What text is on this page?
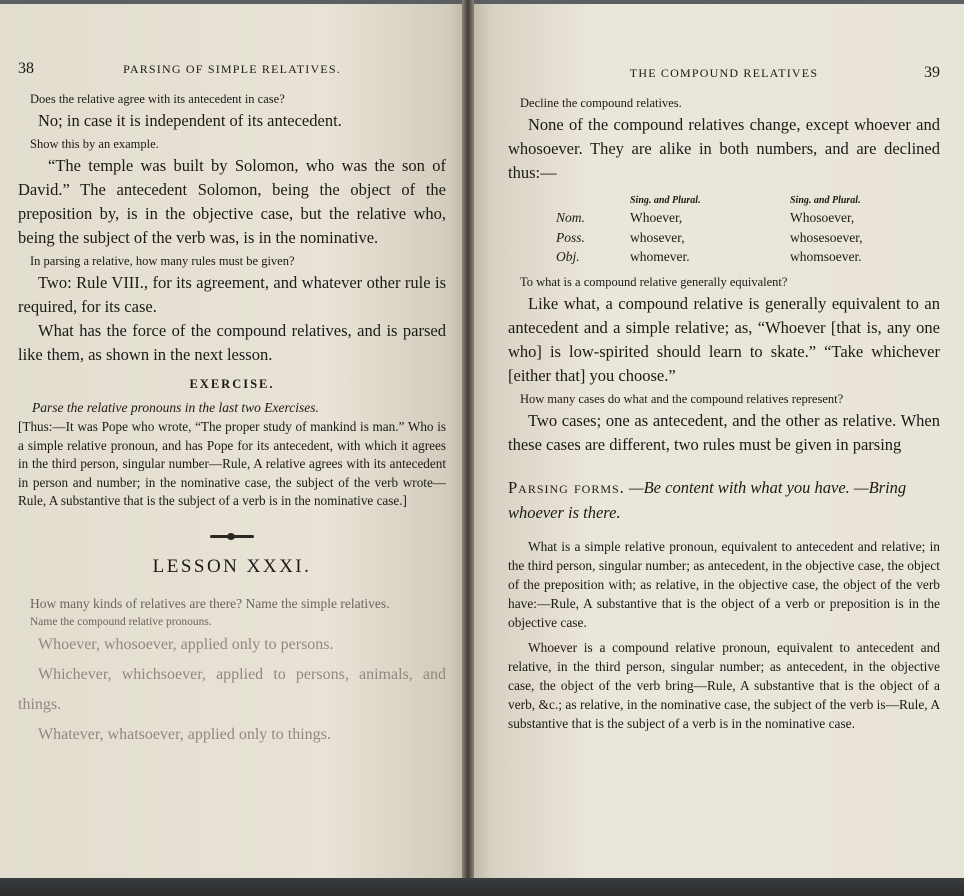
38	PARSING OF SIMPLE RELATIVES.

Does the relative agree with its antecedent in case?

No; in case it is independent of its antecedent.

Show this by an example.

“The temple was built by Solomon, who was the son of David.” The antecedent Solomon, being the object of the preposition by, is in the objective case, but the relative who, being the subject of the verb was, is in the nominative.

In parsing a relative, how many rules must be given?

Two: Rule VIII., for its agreement, and whatever other rule is required, for its case.

What has the force of the compound relatives, and is parsed like them, as shown in the next lesson.

EXERCISE.

Parse the relative pronouns in the last two Exercises.

[Thus:—It was Pope who wrote, “The proper study of mankind is man.” Who is a simple relative pronoun, and has Pope for its antecedent, with which it agrees in the third person, singular number—Rule, A relative agrees with its antecedent in person and number; in the nominative case, the subject of the verb wrote—Rule, A substantive that is the subject of a verb is in the nominative case.]

LESSON XXXI.

How many kinds of relatives are there? Name the simple relatives.

Name the compound relative pronouns.

Whoever, whosoever, applied only to persons.

Whichever, whichsoever, applied to persons, animals, and things.

Whatever, whatsoever, applied only to things.

THE COMPOUND RELATIVES	39

Decline the compound relatives.

None of the compound relatives change, except whoever and whosoever. They are alike in both numbers, and are declined thus:—

Sing. and Plural.	Sing. and Plural.
Nom.	Whoever,	Whosoever,
Poss.	whosever,	whosesoever,
Obj.	whomever.	whomsoever.

To what is a compound relative generally equivalent?

Like what, a compound relative is generally equivalent to an antecedent and a simple relative; as, “Whoever [that is, any one who] is low-spirited should learn to skate.” “Take whichever [either that] you choose.”

How many cases do what and the compound relatives represent?

Two cases; one as antecedent, and the other as relative. When these cases are different, two rules must be given in parsing

Parsing forms. —Be content with what you have. —Bring whoever is there.

What is a simple relative pronoun, equivalent to antecedent and relative; in the third person, singular number; as antecedent, in the objective case, the object of the preposition with; as relative, in the objective case, the object of the verb have:—Rule, A substantive that is the object of a verb or preposition is in the objective case.

Whoever is a compound relative pronoun, equivalent to antecedent and relative, in the third person, singular number; as antecedent, in the objective case, the object of the verb bring—Rule, A substantive that is the object of a verb, &c.; as relative, in the nominative case, the subject of the verb is—Rule, A substantive that is the subject of a verb is in the nominative case.
